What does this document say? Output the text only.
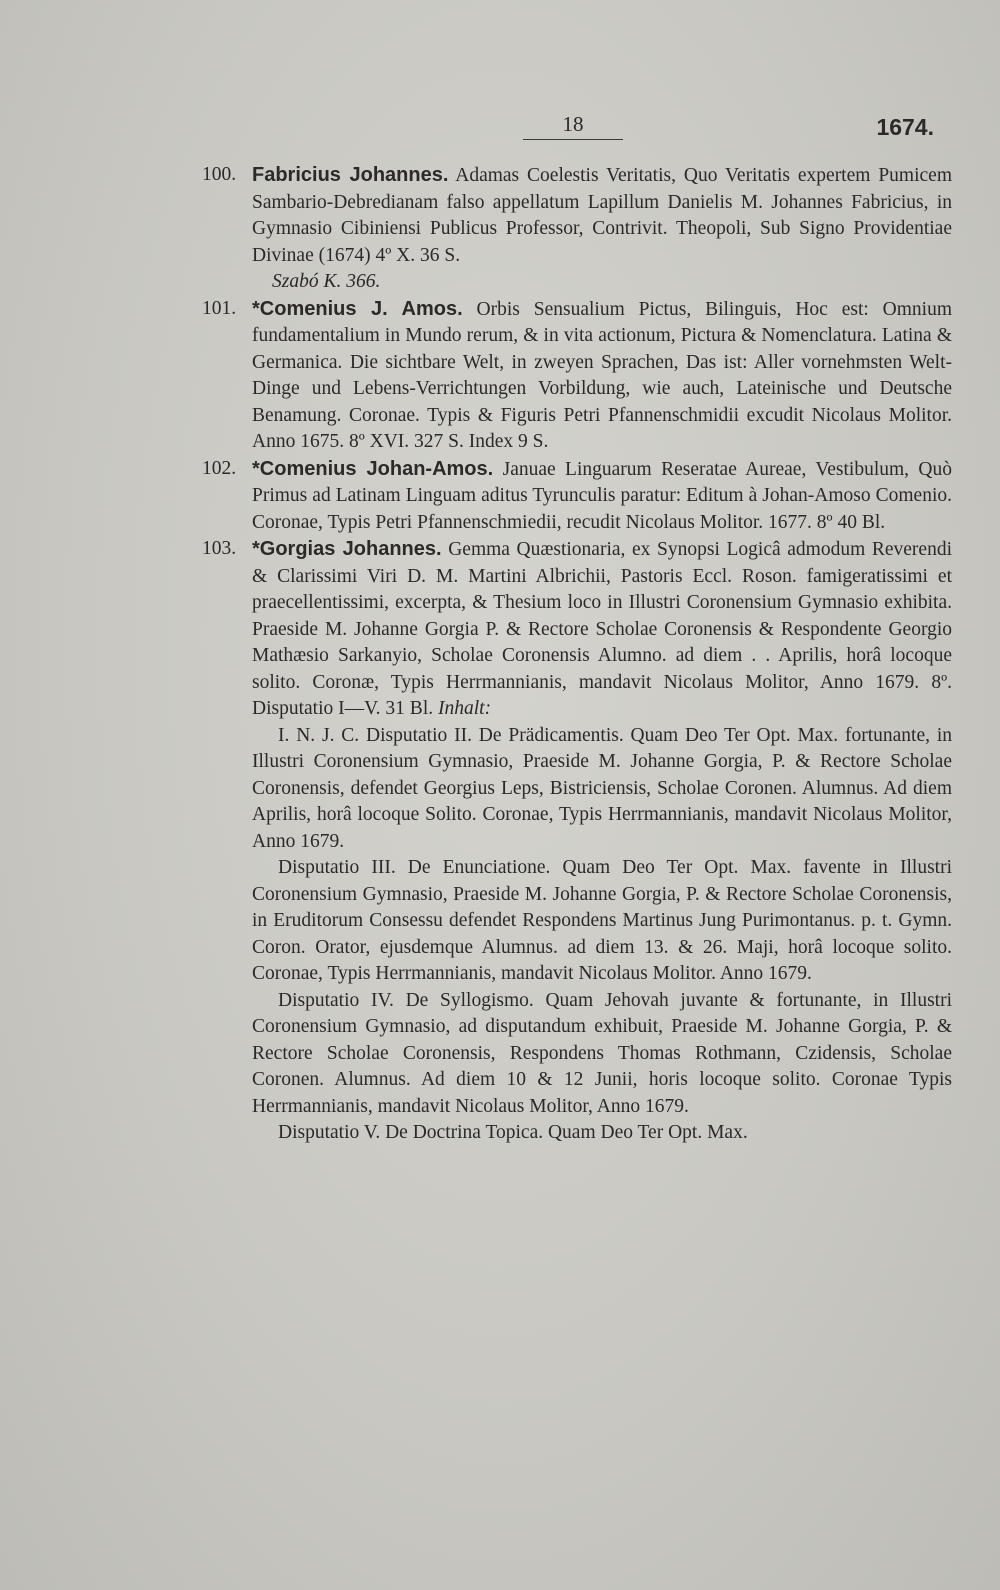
18	1674.

100. Fabricius Johannes. Adamas Coelestis Veritatis, Quo Veritatis expertem Pumicem Sambario-Debredianam falso appellatum Lapillum Danielis M. Johannes Fabricius, in Gymnasio Cibiniensi Publicus Professor, Contrivit. Theopoli, Sub Signo Providentiae Divinae (1674) 4º X. 36 S.

Szabó K. 366.

101. *Comenius J. Amos. Orbis Sensualium Pictus, Bilinguis, Hoc est: Omnium fundamentalium in Mundo rerum, & in vita actionum, Pictura & Nomenclatura. Latina & Germanica. Die sichtbare Welt, in zweyen Sprachen, Das ist: Aller vornehmsten Welt-Dinge und Lebens-Verrichtungen Vorbildung, wie auch, Lateinische und Deutsche Benamung. Coronae. Typis & Figuris Petri Pfannenschmidii excudit Nicolaus Molitor. Anno 1675. 8º XVI. 327 S. Index 9 S.

102. *Comenius Johan-Amos. Januae Linguarum Reseratae Aureae, Vestibulum, Quò Primus ad Latinam Linguam aditus Tyrunculis paratur: Editum à Johan-Amoso Comenio. Coronae, Typis Petri Pfannenschmiedii, recudit Nicolaus Molitor. 1677. 8º 40 Bl.

103. *Gorgias Johannes. Gemma Quæstionaria, ex Synopsi Logicâ admodum Reverendi & Clarissimi Viri D. M. Martini Albrichii, Pastoris Eccl. Roson. famigeratissimi et praecellentissimi, excerpta, & Thesium loco in Illustri Coronensium Gymnasio exhibita. Praeside M. Johanne Gorgia P. & Rectore Scholae Coronensis & Respondente Georgio Mathæsio Sarkanyio, Scholae Coronensis Alumno. ad diem . . Aprilis, horâ locoque solito. Coronæ, Typis Herrmannianis, mandavit Nicolaus Molitor, Anno 1679. 8º. Disputatio I—V. 31 Bl. Inhalt:

I. N. J. C. Disputatio II. De Prädicamentis. Quam Deo Ter Opt. Max. fortunante, in Illustri Coronensium Gymnasio, Praeside M. Johanne Gorgia, P. & Rectore Scholae Coronensis, defendet Georgius Leps, Bistriciensis, Scholae Coronen. Alumnus. Ad diem Aprilis, horâ locoque Solito. Coronae, Typis Herrmannianis, mandavit Nicolaus Molitor, Anno 1679.

Disputatio III. De Enunciatione. Quam Deo Ter Opt. Max. favente in Illustri Coronensium Gymnasio, Praeside M. Johanne Gorgia, P. & Rectore Scholae Coronensis, in Eruditorum Consessu defendet Respondens Martinus Jung Purimontanus. p. t. Gymn. Coron. Orator, ejusdemque Alumnus. ad diem 13. & 26. Maji, horâ locoque solito. Coronae, Typis Herrmannianis, mandavit Nicolaus Molitor. Anno 1679.

Disputatio IV. De Syllogismo. Quam Jehovah juvante & fortunante, in Illustri Coronensium Gymnasio, ad disputandum exhibuit, Praeside M. Johanne Gorgia, P. & Rectore Scholae Coronensis, Respondens Thomas Rothmann, Czidensis, Scholae Coronen. Alumnus. Ad diem 10 & 12 Junii, horis locoque solito. Coronae Typis Herrmannianis, mandavit Nicolaus Molitor, Anno 1679.

Disputatio V. De Doctrina Topica. Quam Deo Ter Opt. Max.
